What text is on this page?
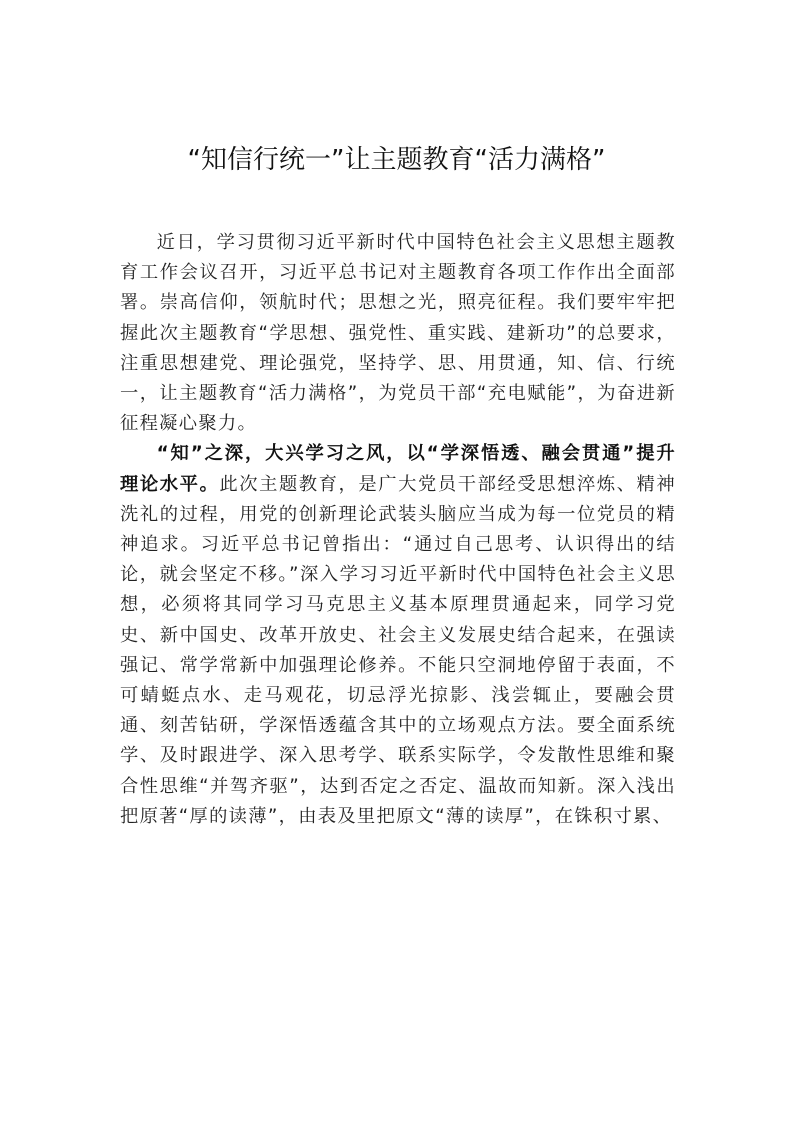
“知信行统一”让主题教育“活力满格”

近日，学习贯彻习近平新时代中国特色社会主义思想主题教育工作会议召开，习近平总书记对主题教育各项工作作出全面部署。崇高信仰，领航时代；思想之光，照亮征程。我们要牢牢把握此次主题教育“学思想、强党性、重实践、建新功”的总要求，注重思想建党、理论强党，坚持学、思、用贯通，知、信、行统一，让主题教育“活力满格”，为党员干部“充电赋能”，为奋进新征程凝心聚力。

“知”之深，大兴学习之风，以“学深悟透、融会贯通”提升理论水平。此次主题教育，是广大党员干部经受思想淬炼、精神洗礼的过程，用党的创新理论武装头脑应当成为每一位党员的精神追求。习近平总书记曾指出：“通过自己思考、认识得出的结论，就会坚定不移。”深入学习习近平新时代中国特色社会主义思想，必须将其同学习马克思主义基本原理贯通起来，同学习党史、新中国史、改革开放史、社会主义发展史结合起来，在强读强记、常学常新中加强理论修养。不能只空洞地停留于表面，不可蜻蜓点水、走马观花，切忌浮光掠影、浅尝辄止，要融会贯通、刻苦钻研，学深悟透蕴含其中的立场观点方法。要全面系统学、及时跟进学、深入思考学、联系实际学，令发散性思维和聚合性思维“并驾齐驱”，达到否定之否定、温故而知新。深入浅出把原著“厚的读薄”，由表及里把原文“薄的读厚”，在铢积寸累、
